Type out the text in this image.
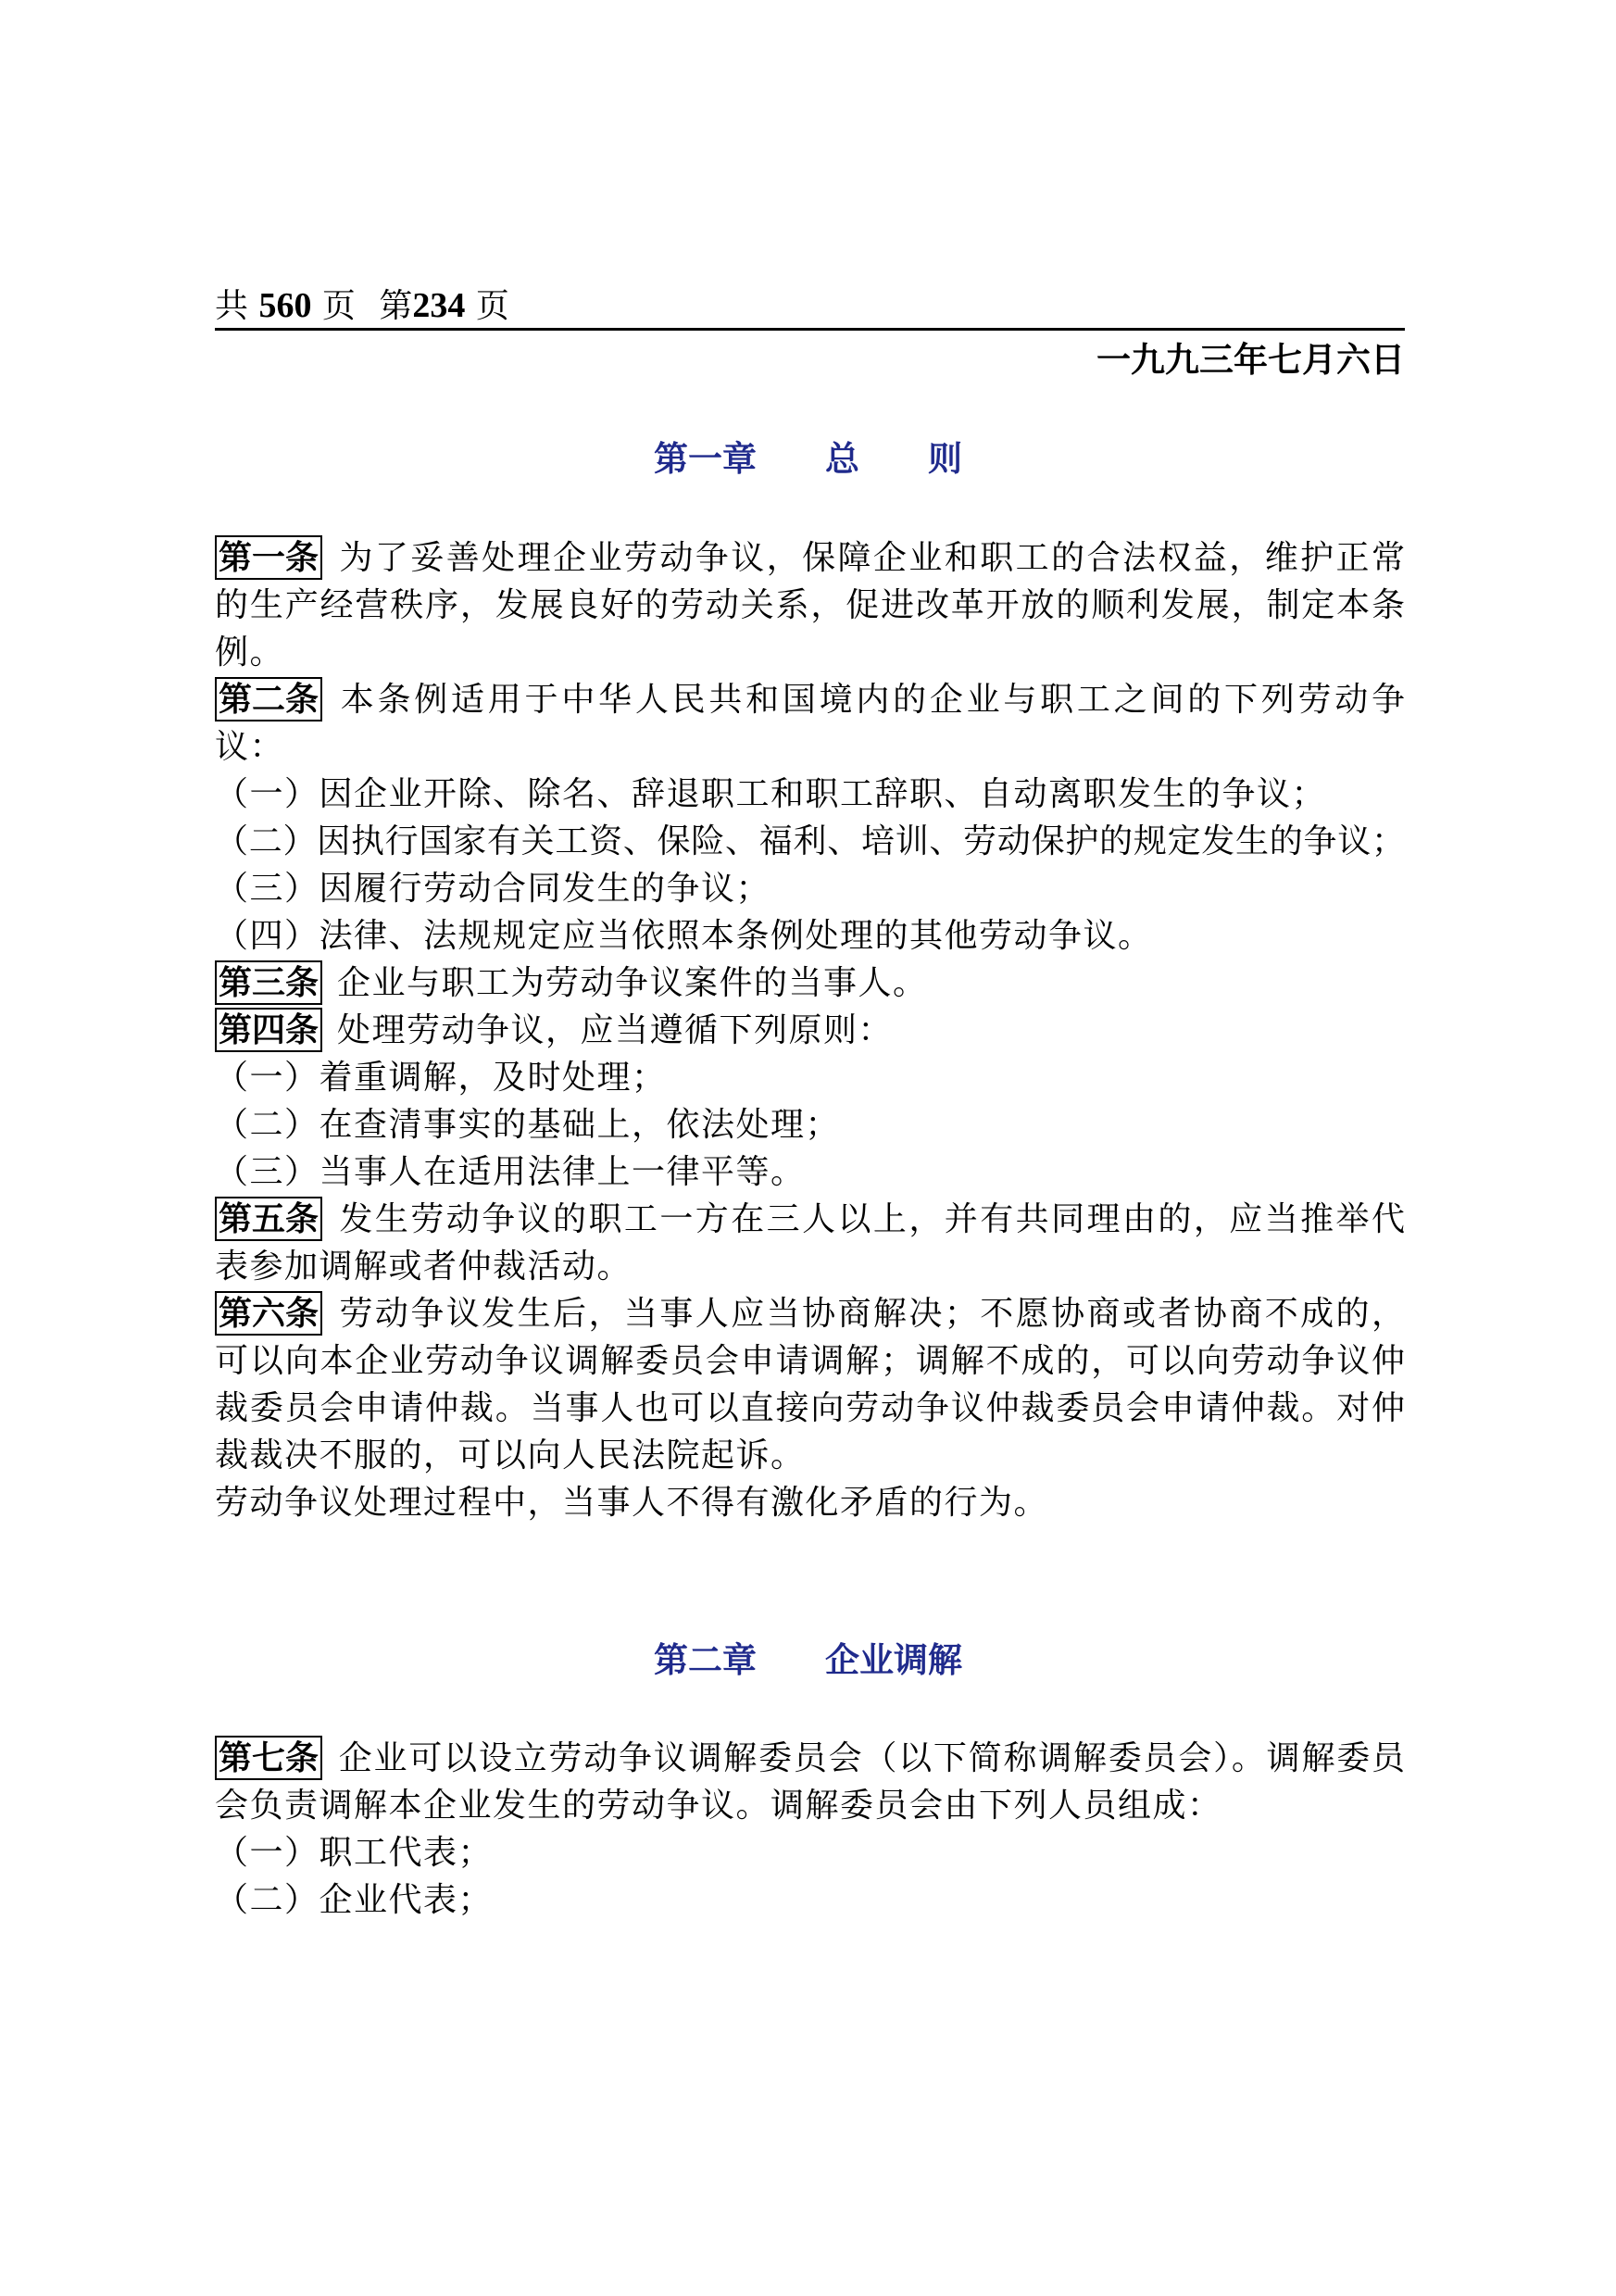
共 560 页 第234 页
一九九三年七月六日
第一章　　总　　则
第一条 为了妥善处理企业劳动争议，保障企业和职工的合法权益，维护正常
的生产经营秩序，发展良好的劳动关系，促进改革开放的顺利发展，制定本条
例。
第二条 本条例适用于中华人民共和国境内的企业与职工之间的下列劳动争
议：
（一）因企业开除、除名、辞退职工和职工辞职、自动离职发生的争议；
（二）因执行国家有关工资、保险、福利、培训、劳动保护的规定发生的争议；
（三）因履行劳动合同发生的争议；
（四）法律、法规规定应当依照本条例处理的其他劳动争议。
第三条 企业与职工为劳动争议案件的当事人。
第四条 处理劳动争议，应当遵循下列原则：
（一）着重调解，及时处理；
（二）在查清事实的基础上，依法处理；
（三）当事人在适用法律上一律平等。
第五条 发生劳动争议的职工一方在三人以上，并有共同理由的，应当推举代
表参加调解或者仲裁活动。
第六条 劳动争议发生后，当事人应当协商解决；不愿协商或者协商不成的，
可以向本企业劳动争议调解委员会申请调解；调解不成的，可以向劳动争议仲
裁委员会申请仲裁。当事人也可以直接向劳动争议仲裁委员会申请仲裁。对仲
裁裁决不服的，可以向人民法院起诉。
劳动争议处理过程中，当事人不得有激化矛盾的行为。
第二章　　企业调解
第七条 企业可以设立劳动争议调解委员会（以下简称调解委员会）。调解委员
会负责调解本企业发生的劳动争议。调解委员会由下列人员组成：
（一）职工代表；
（二）企业代表；
